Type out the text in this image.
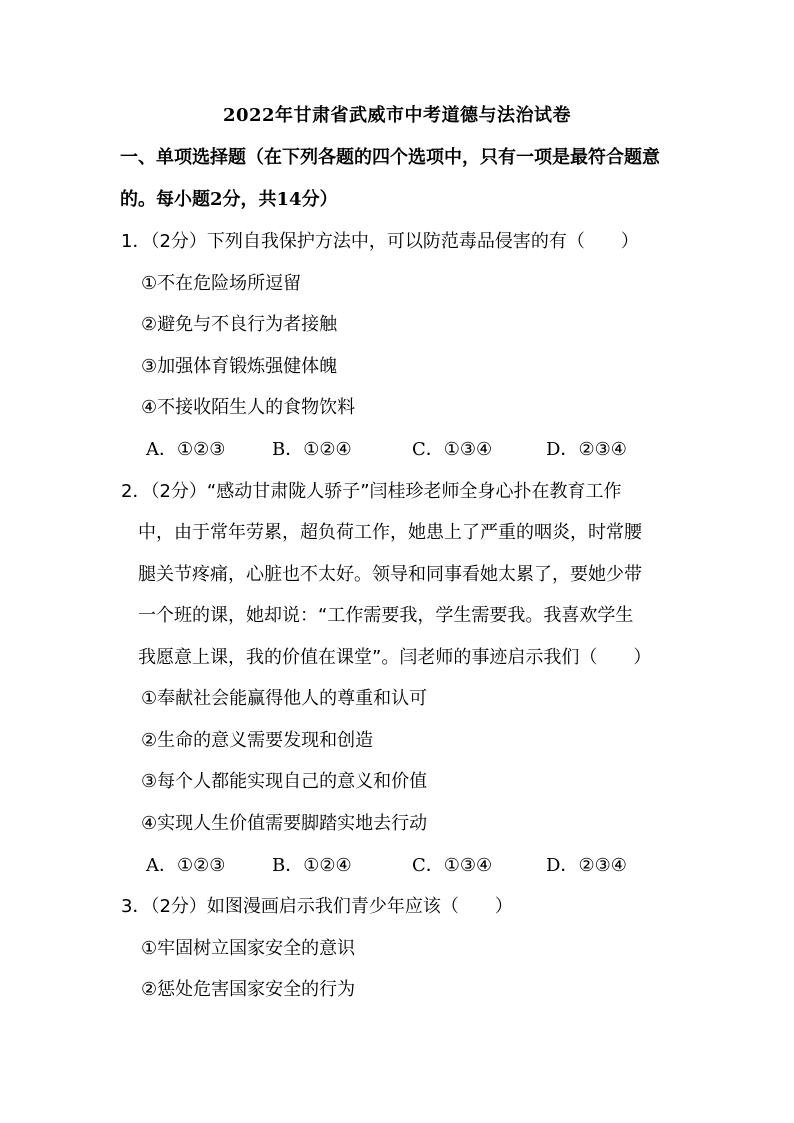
2022年甘肃省武威市中考道德与法治试卷
一、单项选择题（在下列各题的四个选项中，只有一项是最符合题意
的。每小题2分，共14分）
1．（2分）下列自我保护方法中，可以防范毒品侵害的有（　　）
①不在危险场所逗留
②避免与不良行为者接触
③加强体育锻炼强健体魄
④不接收陌生人的食物饮料
A．①②③	B．①②④	C．①③④	D．②③④
2．（2分）“感动甘肃陇人骄子”闫桂珍老师全身心扑在教育工作
中，由于常年劳累，超负荷工作，她患上了严重的咽炎，时常腰
腿关节疼痛，心脏也不太好。领导和同事看她太累了，要她少带
一个班的课，她却说：“工作需要我，学生需要我。我喜欢学生
我愿意上课，我的价值在课堂”。闫老师的事迹启示我们（　　）
①奉献社会能赢得他人的尊重和认可
②生命的意义需要发现和创造
③每个人都能实现自己的意义和价值
④实现人生价值需要脚踏实地去行动
A．①②③	B．①②④	C．①③④	D．②③④
3．（2分）如图漫画启示我们青少年应该（　　）
①牢固树立国家安全的意识
②惩处危害国家安全的行为
